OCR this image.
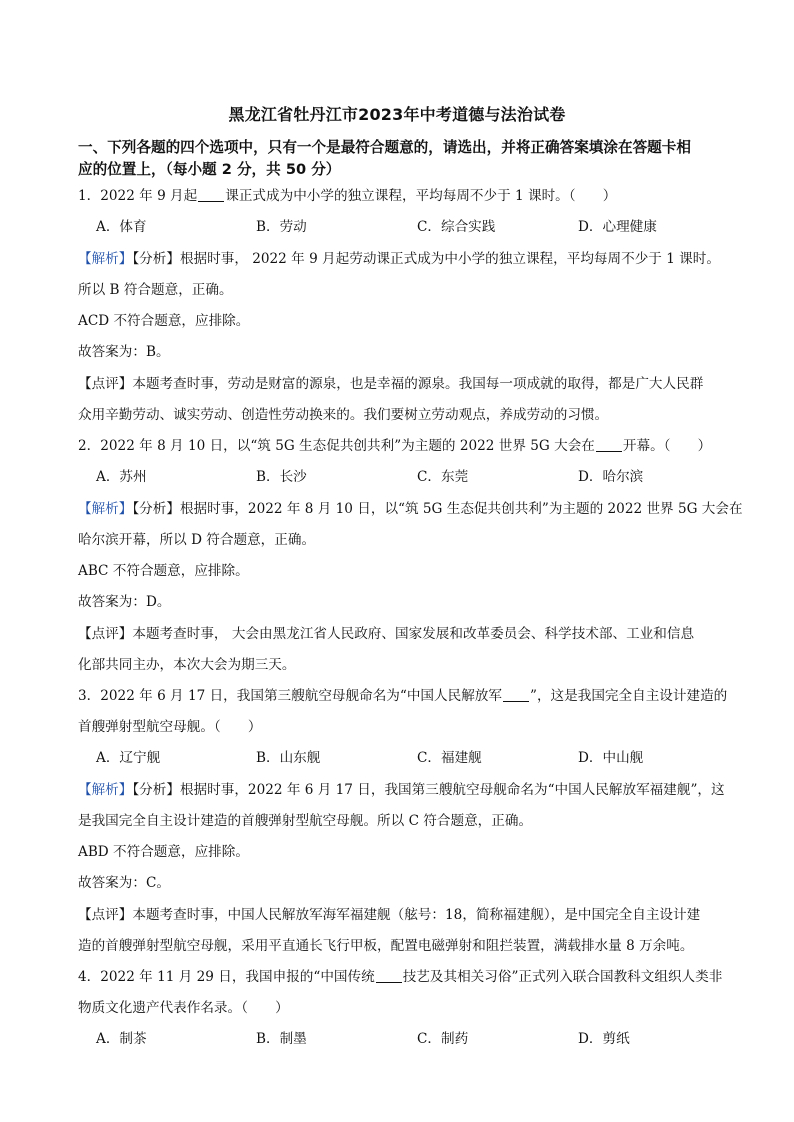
黑龙江省牡丹江市2023年中考道德与法治试卷
一、下列各题的四个选项中，只有一个是最符合题意的，请选出，并将正确答案填涂在答题卡相
应的位置上，（每小题 2 分，共 50 分）
1．2022 年 9 月起 课正式成为中小学的独立课程，平均每周不少于 1 课时。（　　）
A．体育	B．劳动	C．综合实践	D．心理健康
【解析】【分析】根据时事， 2022 年 9 月起劳动课正式成为中小学的独立课程，平均每周不少于 1 课时。
所以 B 符合题意，正确。
ACD 不符合题意，应排除。
故答案为：B。
【点评】本题考查时事，劳动是财富的源泉，也是幸福的源泉。我国每一项成就的取得，都是广大人民群
众用辛勤劳动、诚实劳动、创造性劳动换来的。我们要树立劳动观点，养成劳动的习惯。
2．2022 年 8 月 10 日，以“筑 5G 生态促共创共利”为主题的 2022 世界 5G 大会在 开幕。（　　）
A．苏州	B．长沙	C．东莞	D．哈尔滨
【解析】【分析】根据时事，2022 年 8 月 10 日，以“筑 5G 生态促共创共利”为主题的 2022 世界 5G 大会在
哈尔滨开幕，所以 D 符合题意，正确。
ABC 不符合题意，应排除。
故答案为：D。
【点评】本题考查时事， 大会由黑龙江省人民政府、国家发展和改革委员会、科学技术部、工业和信息
化部共同主办，本次大会为期三天。
3．2022 年 6 月 17 日，我国第三艘航空母舰命名为“中国人民解放军 ”，这是我国完全自主设计建造的
首艘弹射型航空母舰。（　　）
A．辽宁舰	B．山东舰	C．福建舰	D．中山舰
【解析】【分析】根据时事，2022 年 6 月 17 日，我国第三艘航空母舰命名为“中国人民解放军福建舰”，这
是我国完全自主设计建造的首艘弹射型航空母舰。所以 C 符合题意，正确。
ABD 不符合题意，应排除。
故答案为：C。
【点评】本题考查时事，中国人民解放军海军福建舰（舷号：18，简称福建舰），是中国完全自主设计建
造的首艘弹射型航空母舰，采用平直通长飞行甲板，配置电磁弹射和阻拦装置，满载排水量 8 万余吨。
4．2022 年 11 月 29 日，我国申报的“中国传统 技艺及其相关习俗”正式列入联合国教科文组织人类非
物质文化遗产代表作名录。（　　）
A．制茶	B．制墨	C．制药	D．剪纸
